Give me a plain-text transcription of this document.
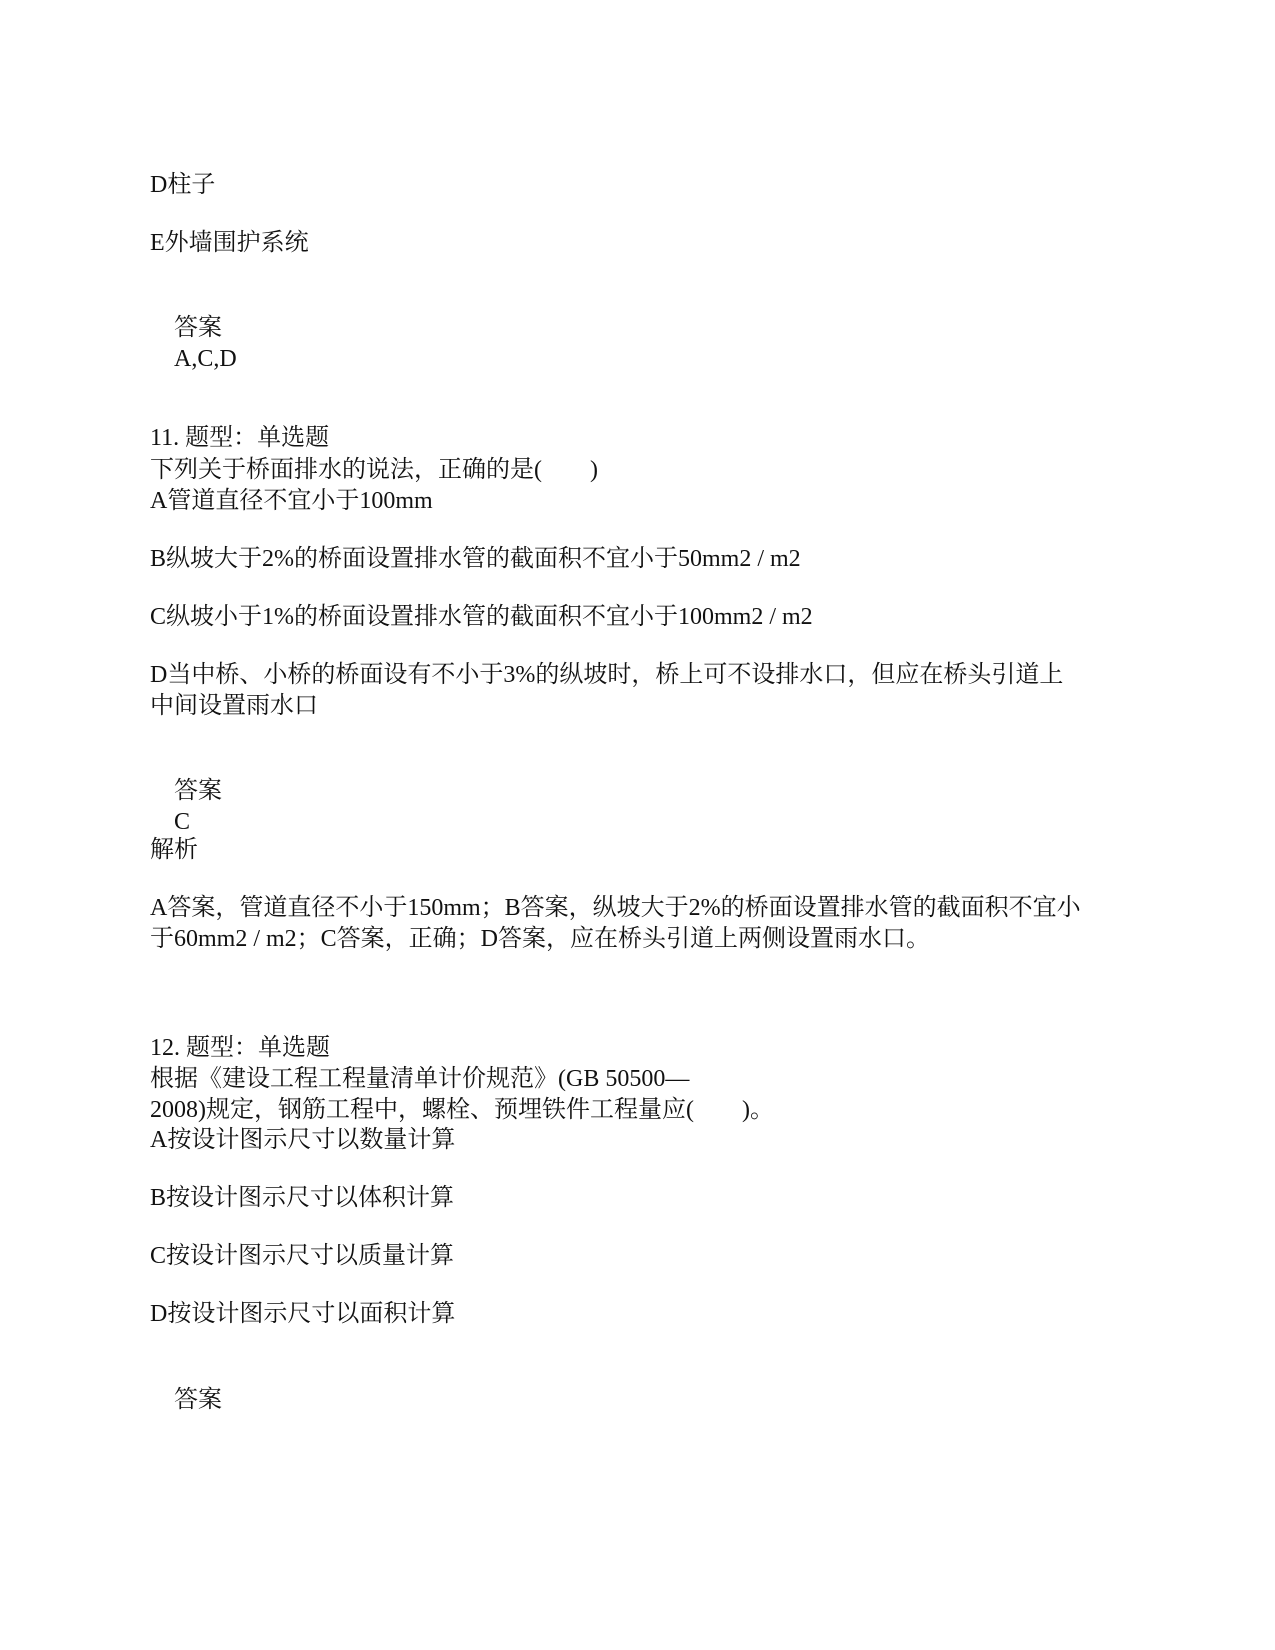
D柱子
E外墙围护系统
答案
A,C,D
11. 题型：单选题
下列关于桥面排水的说法，正确的是(　　)
A管道直径不宜小于100mm
B纵坡大于2%的桥面设置排水管的截面积不宜小于50mm2 / m2
C纵坡小于1%的桥面设置排水管的截面积不宜小于100mm2 / m2
D当中桥、小桥的桥面设有不小于3%的纵坡时，桥上可不设排水口，但应在桥头引道上
中间设置雨水口
答案
C
解析
A答案，管道直径不小于150mm；B答案，纵坡大于2%的桥面设置排水管的截面积不宜小
于60mm2 / m2；C答案，正确；D答案，应在桥头引道上两侧设置雨水口。
12. 题型：单选题
根据《建设工程工程量清单计价规范》(GB 50500—
2008)规定，钢筋工程中，螺栓、预埋铁件工程量应(　　)。
A按设计图示尺寸以数量计算
B按设计图示尺寸以体积计算
C按设计图示尺寸以质量计算
D按设计图示尺寸以面积计算
答案
